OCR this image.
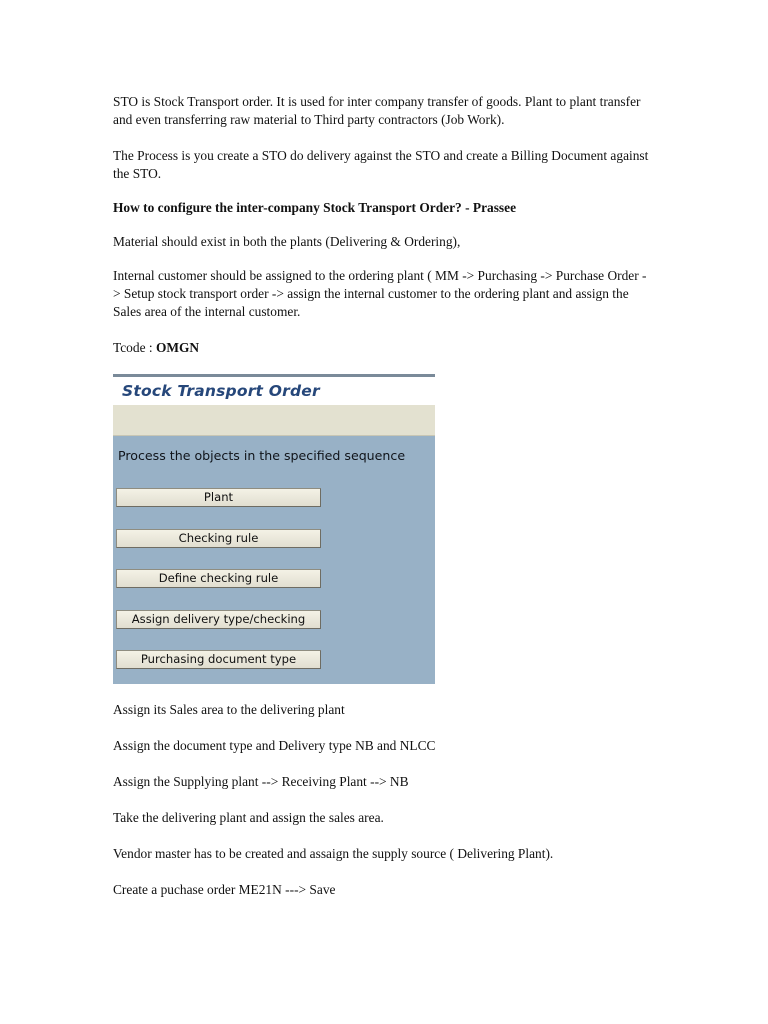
STO is Stock Transport order. It is used for inter company transfer of goods. Plant to plant transfer and even transferring raw material to Third party contractors (Job Work).

The Process is you create a STO do delivery against the STO and create a Billing Document against the STO.

How to configure the inter-company Stock Transport Order? - Prassee

Material should exist in both the plants (Delivering & Ordering),

Internal customer should be assigned to the ordering plant ( MM -> Purchasing -> Purchase Order -> Setup stock transport order -> assign the internal customer to the ordering plant and assign the Sales area of the internal customer.

Tcode : OMGN

Stock Transport Order
Process the objects in the specified sequence
Plant
Checking rule
Define checking rule
Assign delivery type/checking
Purchasing document type

Assign its Sales area to the delivering plant

Assign the document type and Delivery type NB and NLCC

Assign the Supplying plant --> Receiving Plant --> NB

Take the delivering plant and assign the sales area.

Vendor master has to be created and assaign the supply source ( Delivering Plant).

Create a puchase order ME21N ---> Save
